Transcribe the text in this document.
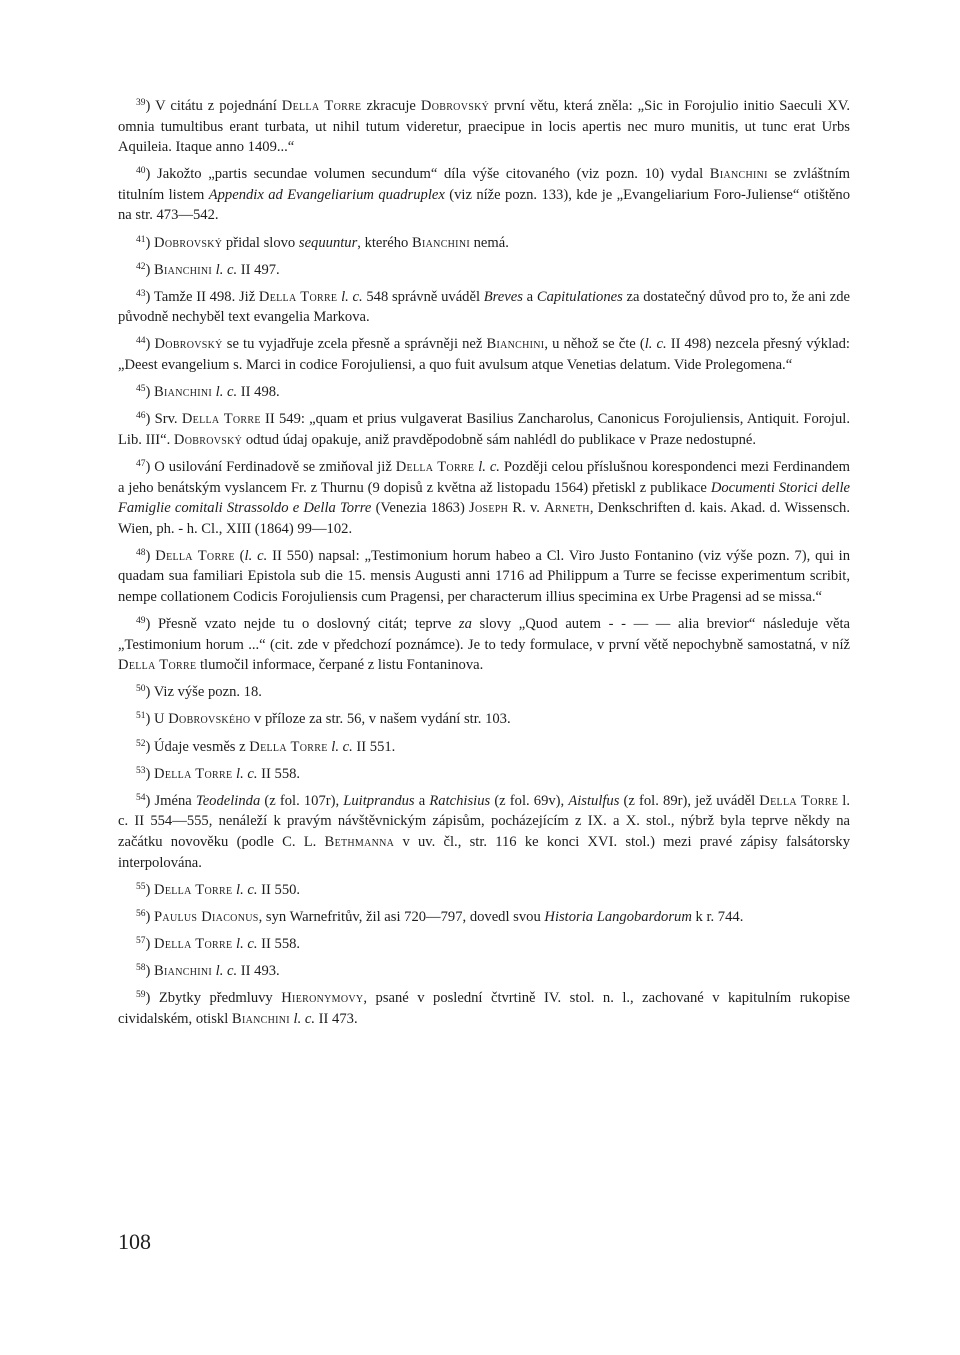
$^{39}$) V citátu z pojednání Della Torre zkracuje Dobrovský první větu, která zněla: „Sic in Forojulio initio Saeculi XV. omnia tumultibus erant turbata, ut nihil tutum videretur, praecipue in locis apertis nec muro munitis, ut tunc erat Urbs Aquileia. Itaque anno 1409...“

$^{40}$) Jakožto „partis secundae volumen secundum“ díla výše citovaného (viz pozn. 10) vydal Bianchini se zvláštním titulním listem Appendix ad Evangeliarium quadruplex (viz níže pozn. 133), kde je „Evangeliarium Foro-Juliense“ otištěno na str. 473—542.

$^{41}$) Dobrovský přidal slovo sequuntur, kterého Bianchini nemá.

$^{42}$) Bianchini l. c. II 497.

$^{43}$) Tamže II 498. Již Della Torre l. c. 548 správně uváděl Breves a Capitulationes za dostatečný důvod pro to, že ani zde původně nechyběl text evangelia Markova.

$^{44}$) Dobrovský se tu vyjadřuje zcela přesně a správněji než Bianchini, u něhož se čte (l. c. II 498) nezcela přesný výklad: „Deest evangelium s. Marci in codice Forojuliensi, a quo fuit avulsum atque Venetias delatum. Vide Prolegomena.“

$^{45}$) Bianchini l. c. II 498.

$^{46}$) Srv. Della Torre II 549: „quam et prius vulgaverat Basilius Zancharolus, Canonicus Forojuliensis, Antiquit. Forojul. Lib. III“. Dobrovský odtud údaj opakuje, aniž pravděpodobně sám nahlédl do publikace v Praze nedostupné.

$^{47}$) O usilování Ferdinadově se zmiňoval již Della Torre l. c. Později celou příslušnou korespondenci mezi Ferdinandem a jeho benátským vyslancem Fr. z Thurnu (9 dopisů z května až listopadu 1564) přetiskl z publikace Documenti Storici delle Famiglie comitali Strassoldo e Della Torre (Venezia 1863) Joseph R. v. Arneth, Denkschriften d. kais. Akad. d. Wissensch. Wien, ph. - h. Cl., XIII (1864) 99—102.

$^{48}$) Della Torre (l. c. II 550) napsal: „Testimonium horum habeo a Cl. Viro Justo Fontanino (viz výše pozn. 7), qui in quadam sua familiari Epistola sub die 15. mensis Augusti anni 1716 ad Philippum a Turre se fecisse experimentum scribit, nempe collationem Codicis Forojuliensis cum Pragensi, per characterum illius specimina ex Urbe Pragensi ad se missa.“

$^{49}$) Přesně vzato nejde tu o doslovný citát; teprve za slovy „Quod autem - - — — alia brevior“ následuje věta „Testimonium horum ...“ (cit. zde v předchozí poznámce). Je to tedy formulace, v první větě nepochybně samostatná, v níž Della Torre tlumočil informace, čerpané z listu Fontaninova.

$^{50}$) Viz výše pozn. 18.

$^{51}$) U Dobrovského v příloze za str. 56, v našem vydání str. 103.

$^{52}$) Údaje vesměs z Della Torre l. c. II 551.

$^{53}$) Della Torre l. c. II 558.

$^{54}$) Jména Teodelinda (z fol. 107r), Luitprandus a Ratchisius (z fol. 69v), Aistulfus (z fol. 89r), jež uváděl Della Torre l. c. II 554—555, nenáleží k pravým návštěvnickým zápisům, pocházejícím z IX. a X. stol., nýbrž byla teprve někdy na začátku novověku (podle C. L. Bethmanna v uv. čl., str. 116 ke konci XVI. stol.) mezi pravé zápisy falsátorsky interpolována.

$^{55}$) Della Torre l. c. II 550.

$^{56}$) Paulus Diaconus, syn Warnefritův, žil asi 720—797, dovedl svou Historia Langobardorum k r. 744.

$^{57}$) Della Torre l. c. II 558.

$^{58}$) Bianchini l. c. II 493.

$^{59}$) Zbytky předmluvy Hieronymovy, psané v poslední čtvrtině IV. stol. n. l., zachované v kapitulním rukopise cividalském, otiskl Bianchini l. c. II 473.

108
